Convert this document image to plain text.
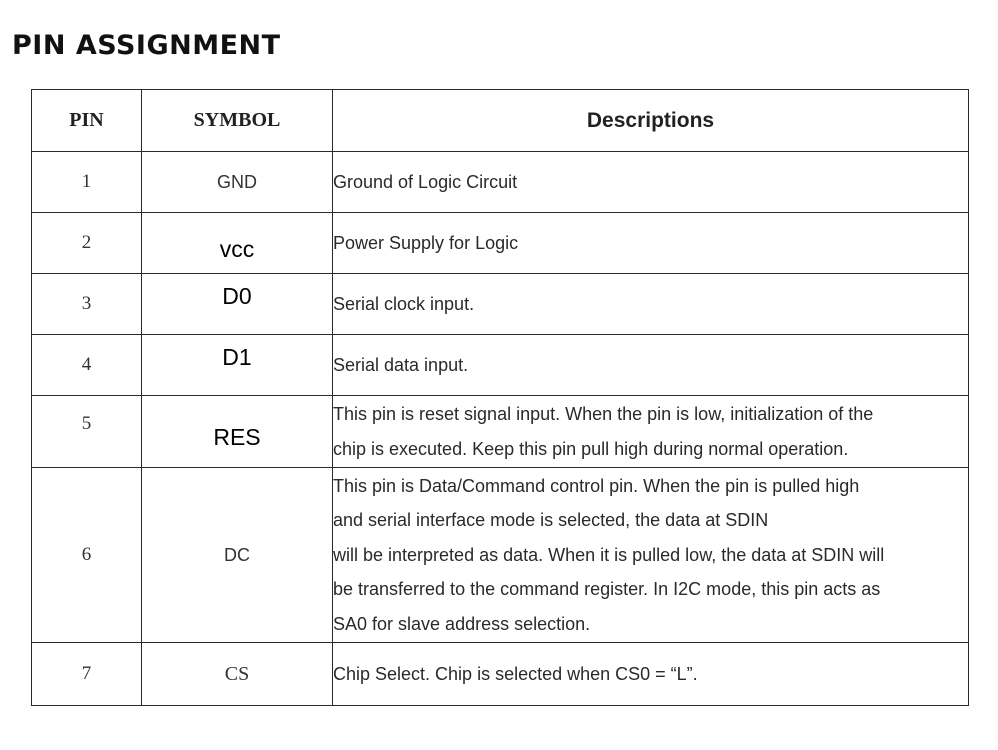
PIN ASSIGNMENT
PIN	SYMBOL	Descriptions
1	GND	Ground of Logic Circuit

2	vcc	Power Supply for Logic

3	D0	Serial clock input.

4	D1	Serial data input.

5	RES	This pin is reset signal input. When the pin is low, initialization of the
chip is executed. Keep this pin pull high during normal operation.

6	DC	This pin is Data/Command control pin. When the pin is pulled high
and serial interface mode is selected, the data at SDIN
will be interpreted as data. When it is pulled low, the data at SDIN will
be transferred to the command register. In I2C mode, this pin acts as
SA0 for slave address selection.

7	CS	Chip Select. Chip is selected when CS0 = “L”.
